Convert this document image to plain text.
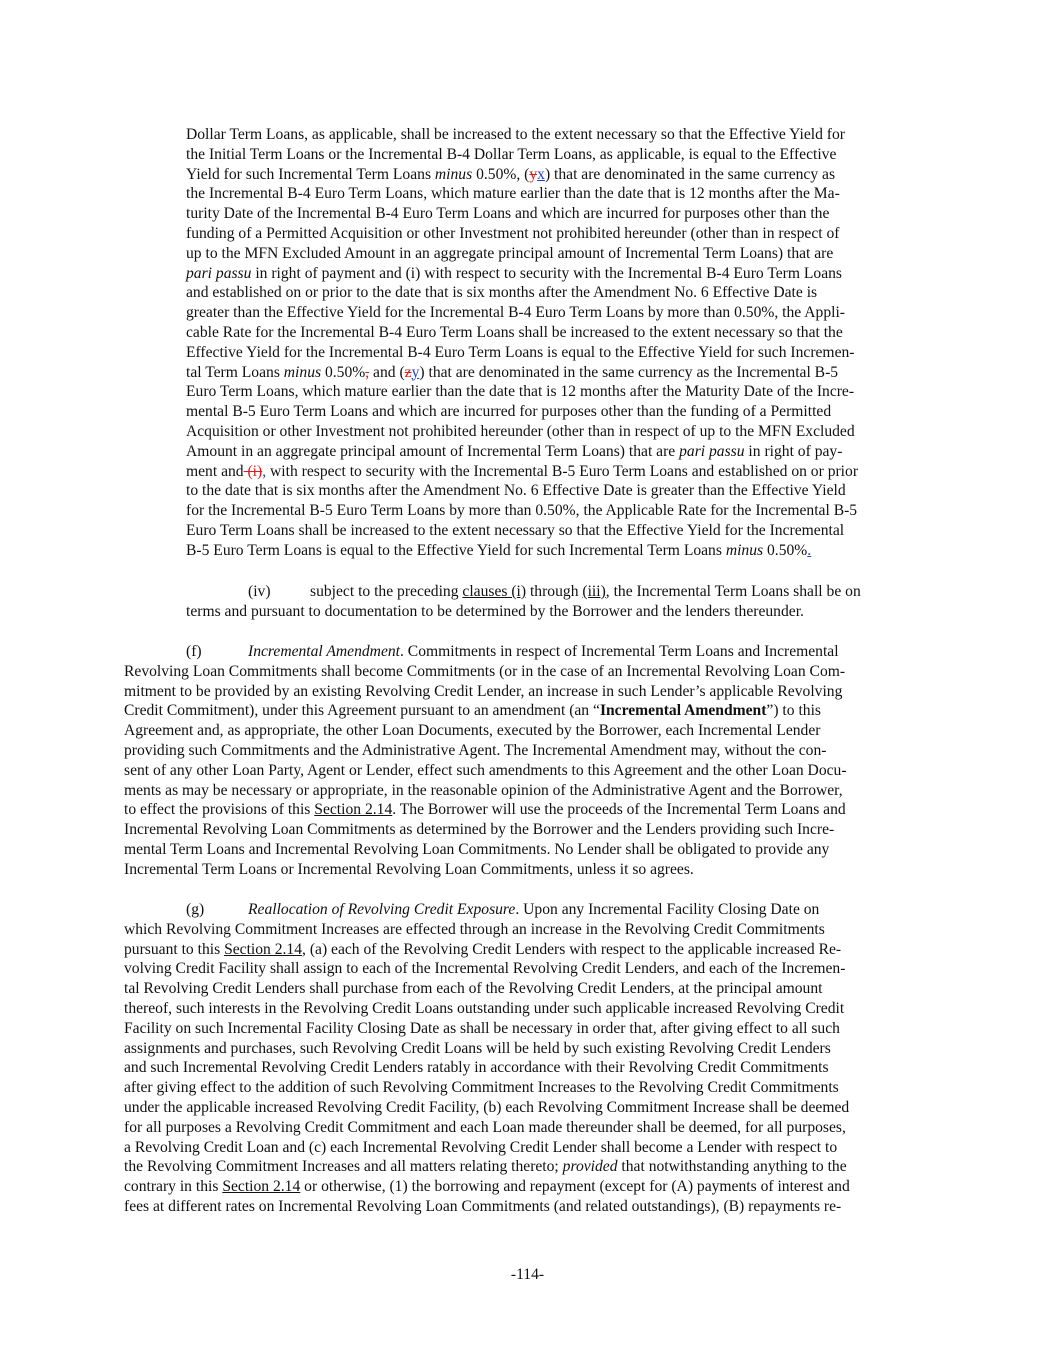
Dollar Term Loans, as applicable, shall be increased to the extent necessary so that the Effective Yield for
the Initial Term Loans or the Incremental B-4 Dollar Term Loans, as applicable, is equal to the Effective
Yield for such Incremental Term Loans minus 0.50%, (yx) that are denominated in the same currency as
the Incremental B-4 Euro Term Loans, which mature earlier than the date that is 12 months after the Ma-
turity Date of the Incremental B-4 Euro Term Loans and which are incurred for purposes other than the
funding of a Permitted Acquisition or other Investment not prohibited hereunder (other than in respect of
up to the MFN Excluded Amount in an aggregate principal amount of Incremental Term Loans) that are
pari passu in right of payment and (i) with respect to security with the Incremental B-4 Euro Term Loans
and established on or prior to the date that is six months after the Amendment No. 6 Effective Date is
greater than the Effective Yield for the Incremental B-4 Euro Term Loans by more than 0.50%, the Appli-
cable Rate for the Incremental B-4 Euro Term Loans shall be increased to the extent necessary so that the
Effective Yield for the Incremental B-4 Euro Term Loans is equal to the Effective Yield for such Incremen-
tal Term Loans minus 0.50%, and (zy) that are denominated in the same currency as the Incremental B-5
Euro Term Loans, which mature earlier than the date that is 12 months after the Maturity Date of the Incre-
mental B-5 Euro Term Loans and which are incurred for purposes other than the funding of a Permitted
Acquisition or other Investment not prohibited hereunder (other than in respect of up to the MFN Excluded
Amount in an aggregate principal amount of Incremental Term Loans) that are pari passu in right of pay-
ment and (i), with respect to security with the Incremental B-5 Euro Term Loans and established on or prior
to the date that is six months after the Amendment No. 6 Effective Date is greater than the Effective Yield
for the Incremental B-5 Euro Term Loans by more than 0.50%, the Applicable Rate for the Incremental B-5
Euro Term Loans shall be increased to the extent necessary so that the Effective Yield for the Incremental
B-5 Euro Term Loans is equal to the Effective Yield for such Incremental Term Loans minus 0.50%.
(iv)	subject to the preceding clauses (i) through (iii), the Incremental Term Loans shall be on
terms and pursuant to documentation to be determined by the Borrower and the lenders thereunder.
(f)	Incremental Amendment. Commitments in respect of Incremental Term Loans and Incremental
Revolving Loan Commitments shall become Commitments (or in the case of an Incremental Revolving Loan Com-
mitment to be provided by an existing Revolving Credit Lender, an increase in such Lender’s applicable Revolving
Credit Commitment), under this Agreement pursuant to an amendment (an “Incremental Amendment”) to this
Agreement and, as appropriate, the other Loan Documents, executed by the Borrower, each Incremental Lender
providing such Commitments and the Administrative Agent. The Incremental Amendment may, without the con-
sent of any other Loan Party, Agent or Lender, effect such amendments to this Agreement and the other Loan Docu-
ments as may be necessary or appropriate, in the reasonable opinion of the Administrative Agent and the Borrower,
to effect the provisions of this Section 2.14. The Borrower will use the proceeds of the Incremental Term Loans and
Incremental Revolving Loan Commitments as determined by the Borrower and the Lenders providing such Incre-
mental Term Loans and Incremental Revolving Loan Commitments. No Lender shall be obligated to provide any
Incremental Term Loans or Incremental Revolving Loan Commitments, unless it so agrees.
(g)	Reallocation of Revolving Credit Exposure. Upon any Incremental Facility Closing Date on
which Revolving Commitment Increases are effected through an increase in the Revolving Credit Commitments
pursuant to this Section 2.14, (a) each of the Revolving Credit Lenders with respect to the applicable increased Re-
volving Credit Facility shall assign to each of the Incremental Revolving Credit Lenders, and each of the Incremen-
tal Revolving Credit Lenders shall purchase from each of the Revolving Credit Lenders, at the principal amount
thereof, such interests in the Revolving Credit Loans outstanding under such applicable increased Revolving Credit
Facility on such Incremental Facility Closing Date as shall be necessary in order that, after giving effect to all such
assignments and purchases, such Revolving Credit Loans will be held by such existing Revolving Credit Lenders
and such Incremental Revolving Credit Lenders ratably in accordance with their Revolving Credit Commitments
after giving effect to the addition of such Revolving Commitment Increases to the Revolving Credit Commitments
under the applicable increased Revolving Credit Facility, (b) each Revolving Commitment Increase shall be deemed
for all purposes a Revolving Credit Commitment and each Loan made thereunder shall be deemed, for all purposes,
a Revolving Credit Loan and (c) each Incremental Revolving Credit Lender shall become a Lender with respect to
the Revolving Commitment Increases and all matters relating thereto; provided that notwithstanding anything to the
contrary in this Section 2.14 or otherwise, (1) the borrowing and repayment (except for (A) payments of interest and
fees at different rates on Incremental Revolving Loan Commitments (and related outstandings), (B) repayments re-
-114-
